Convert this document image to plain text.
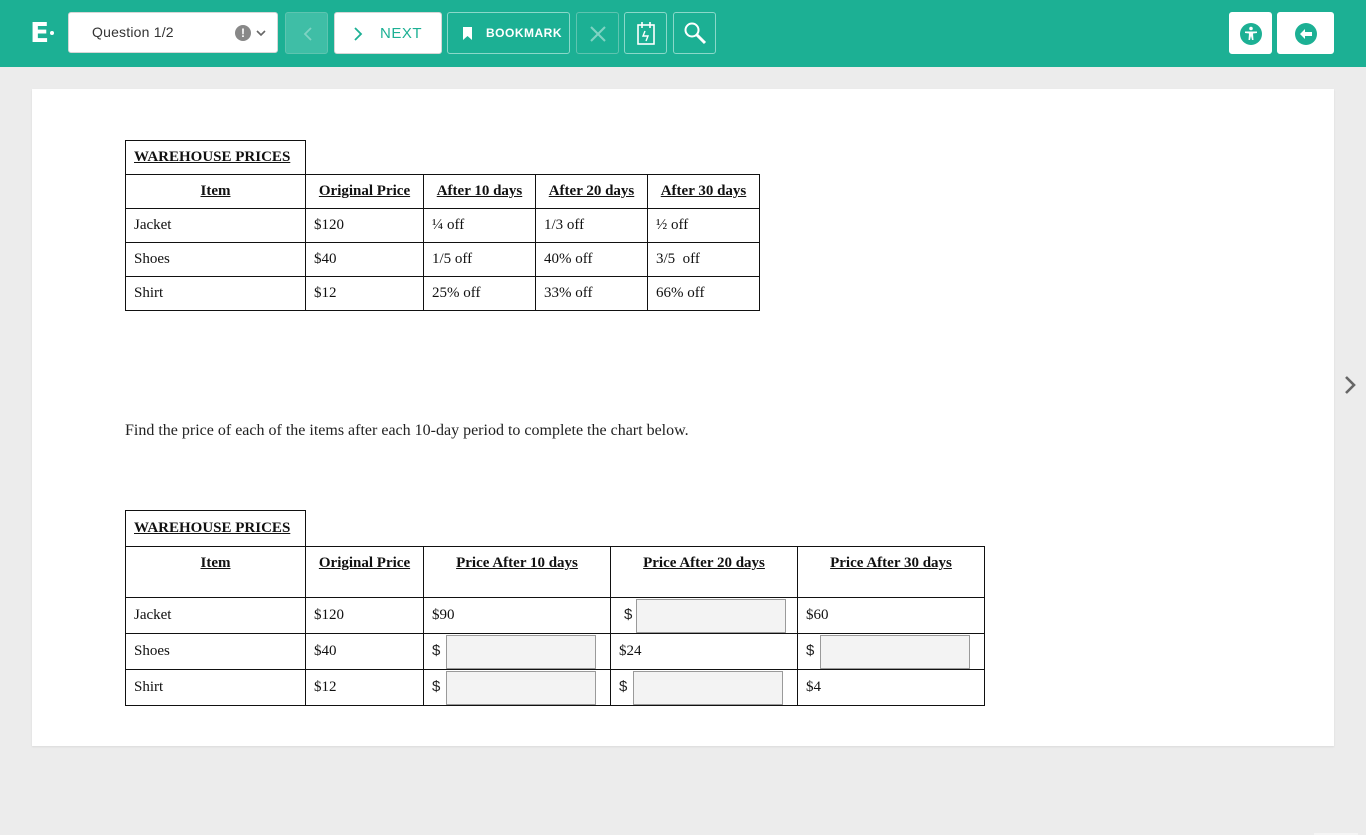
E	Question 1/2	!	NEXT	BOOKMARK
WAREHOUSE PRICES				
Item	Original Price	After 10 days	After 20 days	After 30 days
Jacket	$120	¼ off	1/3 off	½ off
Shoes	$40	1/5 off	40% off	3/5  off
Shirt	$12	25% off	33% off	66% off
Find the price of each of the items after each 10-day period to complete the chart below.
WAREHOUSE PRICES				
Item	Original Price	Price After 10 days	Price After 20 days	Price After 30 days
Jacket	$120	$90	$	$60
Shoes	$40	$	$24	$

Shirt	$12	$	$	$4
